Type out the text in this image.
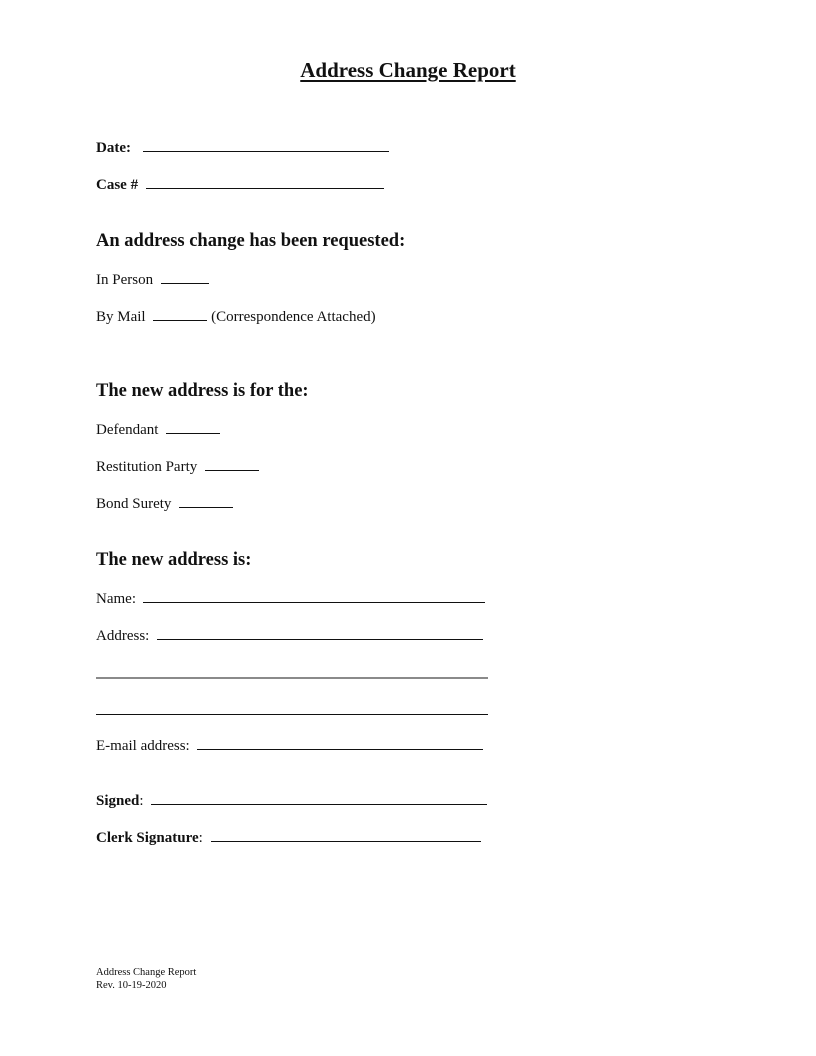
Address Change Report
Date:
Case #
An address change has been requested:
In Person
By Mail	(Correspondence Attached)
The new address is for the:
Defendant
Restitution Party
Bond Surety
The new address is:
Name:
Address:
E-mail address:
Signed:
Clerk Signature:
Address Change Report
Rev. 10-19-2020
